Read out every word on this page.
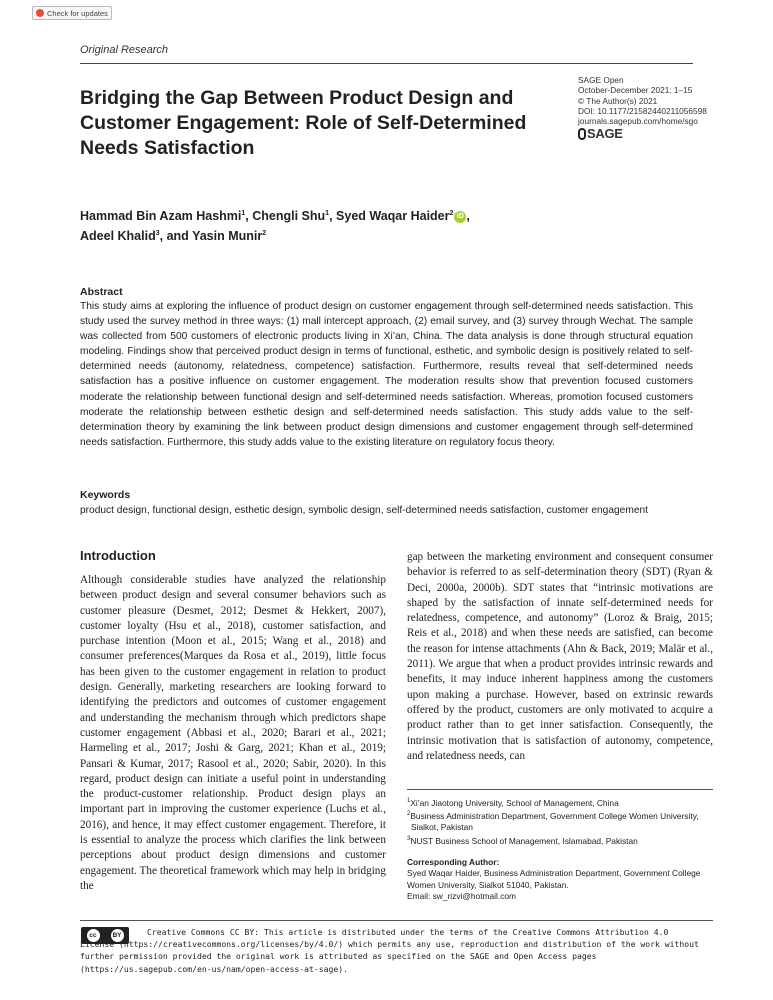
Check for updates
Original Research
Bridging the Gap Between Product Design and Customer Engagement: Role of Self-Determined Needs Satisfaction
SAGE Open
October-December 2021: 1–15
© The Author(s) 2021
DOI: 10.1177/21582440211056598
journals.sagepub.com/home/sgo
SAGE
Hammad Bin Azam Hashmi$^1$, Chengli Shu$^1$, Syed Waqar Haider$^2$ iD ,
Adeel Khalid$^3$, and Yasin Munir$^2$
Abstract

This study aims at exploring the influence of product design on customer engagement through self-determined needs satisfaction. This study used the survey method in three ways: (1) mall intercept approach, (2) email survey, and (3) survey through Wechat. The sample was collected from 500 customers of electronic products living in Xi’an, China. The data analysis is done through structural equation modeling. Findings show that perceived product design in terms of functional, esthetic, and symbolic design is positively related to self-determined needs (autonomy, relatedness, competence) satisfaction. Furthermore, results reveal that self-determined needs satisfaction has a positive influence on customer engagement. The moderation results show that prevention focused customers moderate the relationship between functional design and self-determined needs satisfaction. Whereas, promotion focused customers moderate the relationship between esthetic design and self-determined needs satisfaction. This study adds value to the self-determination theory by examining the link between product design dimensions and customer engagement through self-determined needs satisfaction. Furthermore, this study adds value to the existing literature on regulatory focus theory.

Keywords

product design, functional design, esthetic design, symbolic design, self-determined needs satisfaction, customer engagement

Introduction

Although considerable studies have analyzed the relationship between product design and several consumer behaviors such as customer pleasure (Desmet, 2012; Desmet & Hekkert, 2007), customer loyalty (Hsu et al., 2018), customer satisfaction, and purchase intention (Moon et al., 2015; Wang et al., 2018) and consumer preferences(Marques da Rosa et al., 2019), little focus has been given to the customer engagement in relation to product design. Generally, marketing researchers are looking forward to identifying the predictors and outcomes of customer engagement and understanding the mechanism through which predictors shape customer engagement (Abbasi et al., 2020; Barari et al., 2021; Harmeling et al., 2017; Joshi & Garg, 2021; Khan et al., 2019; Pansari & Kumar, 2017; Rasool et al., 2020; Sabir, 2020). In this regard, product design can initiate a useful point in understanding the product-customer relationship. Product design plays an important part in improving the customer experience (Luchs et al., 2016), and hence, it may effect customer engagement. Therefore, it is essential to analyze the process which clarifies the link between perceptions about product design dimensions and customer engagement. The theoretical framework which may help in bridging the

gap between the marketing environment and consequent consumer behavior is referred to as self-determination theory (SDT) (Ryan & Deci, 2000a, 2000b). SDT states that “intrinsic motivations are shaped by the satisfaction of innate self-determined needs for relatedness, competence, and autonomy” (Loroz & Braig, 2015; Reis et al., 2018) and when these needs are satisfied, can become the reason for intense attachments (Ahn & Back, 2019; Malär et al., 2011). We argue that when a product provides intrinsic rewards and benefits, it may induce inherent happiness among the customers upon making a purchase. However, based on extrinsic rewards offered by the product, customers are only motivated to acquire a product rather than to get inner satisfaction. Consequently, the intrinsic motivation that is satisfaction of autonomy, competence, and relatedness needs, can

$^1$Xi’an Jiaotong University, School of Management, China
$^2$Business Administration Department, Government College Women University, Sialkot, Pakistan
$^3$NUST Business School of Management, Islamabad, Pakistan
Corresponding Author:
Syed Waqar Haider, Business Administration Department, Government College Women University, Sialkot 51040, Pakistan.
Email: sw_rizvi@hotmail.com
cc	BY	Creative Commons CC BY: This article is distributed under the terms of the Creative Commons Attribution 4.0 License (https://creativecommons.org/licenses/by/4.0/) which permits any use, reproduction and distribution of the work without further permission provided the original work is attributed as specified on the SAGE and Open Access pages (https://us.sagepub.com/en-us/nam/open-access-at-sage).
